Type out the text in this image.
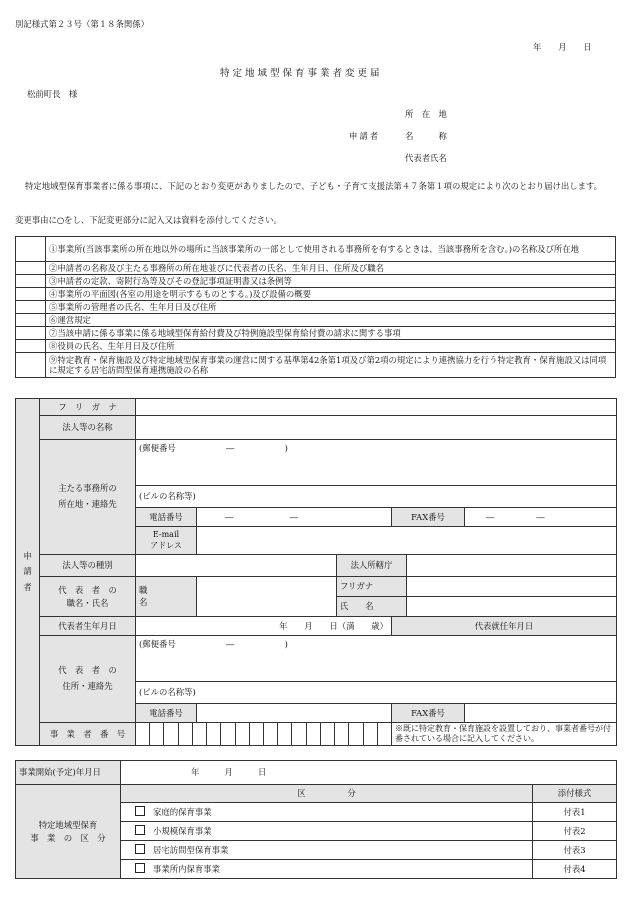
別記様式第２３号（第１８条関係）
年　　月　　日
特定地域型保育事業者変更届
松前町長　様
所　在　地
申請者	名　　　称
代表者氏名
特定地域型保育事業者に係る事項に、下記のとおり変更がありましたので、子ども・子育て支援法第４７条第１項の規定により次のとおり届け出します。
変更事由に○をし、下記変更部分に記入又は資料を添付してください。
	①事業所(当該事業所の所在地以外の場所に当該事業所の一部として使用される事務所を有するときは、当該事務所を含む。)の名称及び所在地
	②申請者の名称及び主たる事務所の所在地並びに代表者の氏名、生年月日、住所及び職名
	③申請者の定款、寄附行為等及びその登記事項証明書又は条例等
	④事業所の平面図(各室の用途を明示するものとする。)及び設備の概要
	⑤事業所の管理者の氏名、生年月日及び住所
	⑥運営規定
	⑦当該申請に係る事業に係る地域型保育給付費及び特例施設型保育給付費の請求に関する事項
	⑧役員の氏名、生年月日及び住所
	⑨特定教育・保育施設及び特定地域型保育事業の運営に関する基準第42条第1項及び第2項の規定により連携協力を行う特定教育・保育施設又は同項に規定する居宅訪問型保育連携施設の名称
申
請
者	フ　リ　ガ　ナ							
	法人等の名称							
	主たる事務所の
所在地・連絡先	(郵便番号　　　　　　―　　　　　　)						
		(ビルの名称等)						
		電話番号	― ―		FAX番号		― ―	
		E-mail
アドレス						
	法人等の種別			法人所轄庁				
	代　表　者　の
職名・氏名	職
名		フリガナ				
				氏　　名				
	代表者生年月日	年　　月　　日（満　　歳）			代表就任年月日	
	代　表　者　の
住所・連絡先	(郵便番号　　　　　　―　　　　　　)						
		(ビルの名称等)						
		電話番号			FAX番号			
	事　業　者　番　号				※既に特定教育・保育施設を設置しており、事業者番号が付番されている場合に記入してください。			
事業開始(予定)年月日	年　　　月　　　日	
特定地域型保育
事　業　の　区　分	区　　　　　分	添付様式
	家庭的保育事業	付表1
	小規模保育事業	付表2
	居宅訪問型保育事業	付表3
	事業所内保育事業	付表4
